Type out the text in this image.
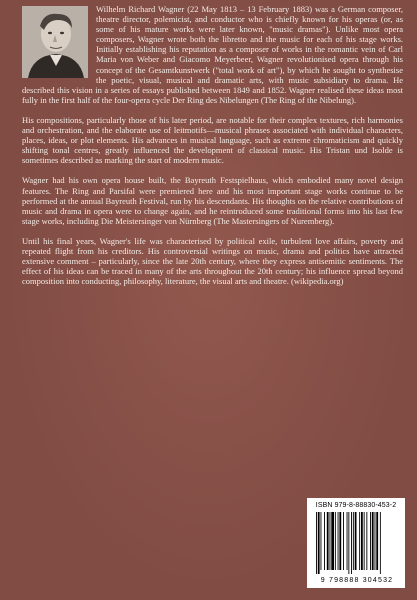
Wilhelm Richard Wagner (22 May 1813 – 13 February 1883) was a German composer, theatre director, polemicist, and conductor who is chiefly known for his operas (or, as some of his mature works were later known, "music dramas"). Unlike most opera composers, Wagner wrote both the libretto and the music for each of his stage works. Initially establishing his reputation as a composer of works in the romantic vein of Carl Maria von Weber and Giacomo Meyerbeer, Wagner revolutionised opera through his concept of the Gesamtkunstwerk ("total work of art"), by which he sought to synthesise the poetic, visual, musical and dramatic arts, with music subsidiary to drama. He described this vision in a series of essays published between 1849 and 1852. Wagner realised these ideas most fully in the first half of the four-opera cycle Der Ring des Nibelungen (The Ring of the Nibelung).

His compositions, particularly those of his later period, are notable for their complex textures, rich harmonies and orchestration, and the elaborate use of leitmotifs—musical phrases associated with individual characters, places, ideas, or plot elements. His advances in musical language, such as extreme chromaticism and quickly shifting tonal centres, greatly influenced the development of classical music. His Tristan und Isolde is sometimes described as marking the start of modern music.

Wagner had his own opera house built, the Bayreuth Festspielhaus, which embodied many novel design features. The Ring and Parsifal were premiered here and his most important stage works continue to be performed at the annual Bayreuth Festival, run by his descendants. His thoughts on the relative contributions of music and drama in opera were to change again, and he reintroduced some traditional forms into his last few stage works, including Die Meistersinger von Nürnberg (The Mastersingers of Nuremberg).

Until his final years, Wagner's life was characterised by political exile, turbulent love affairs, poverty and repeated flight from his creditors. His controversial writings on music, drama and politics have attracted extensive comment – particularly, since the late 20th century, where they express antisemitic sentiments. The effect of his ideas can be traced in many of the arts throughout the 20th century; his influence spread beyond composition into conducting, philosophy, literature, the visual arts and theatre. (wikipedia.org)

ISBN 979-8-88830-453-2
9 798888 304532
